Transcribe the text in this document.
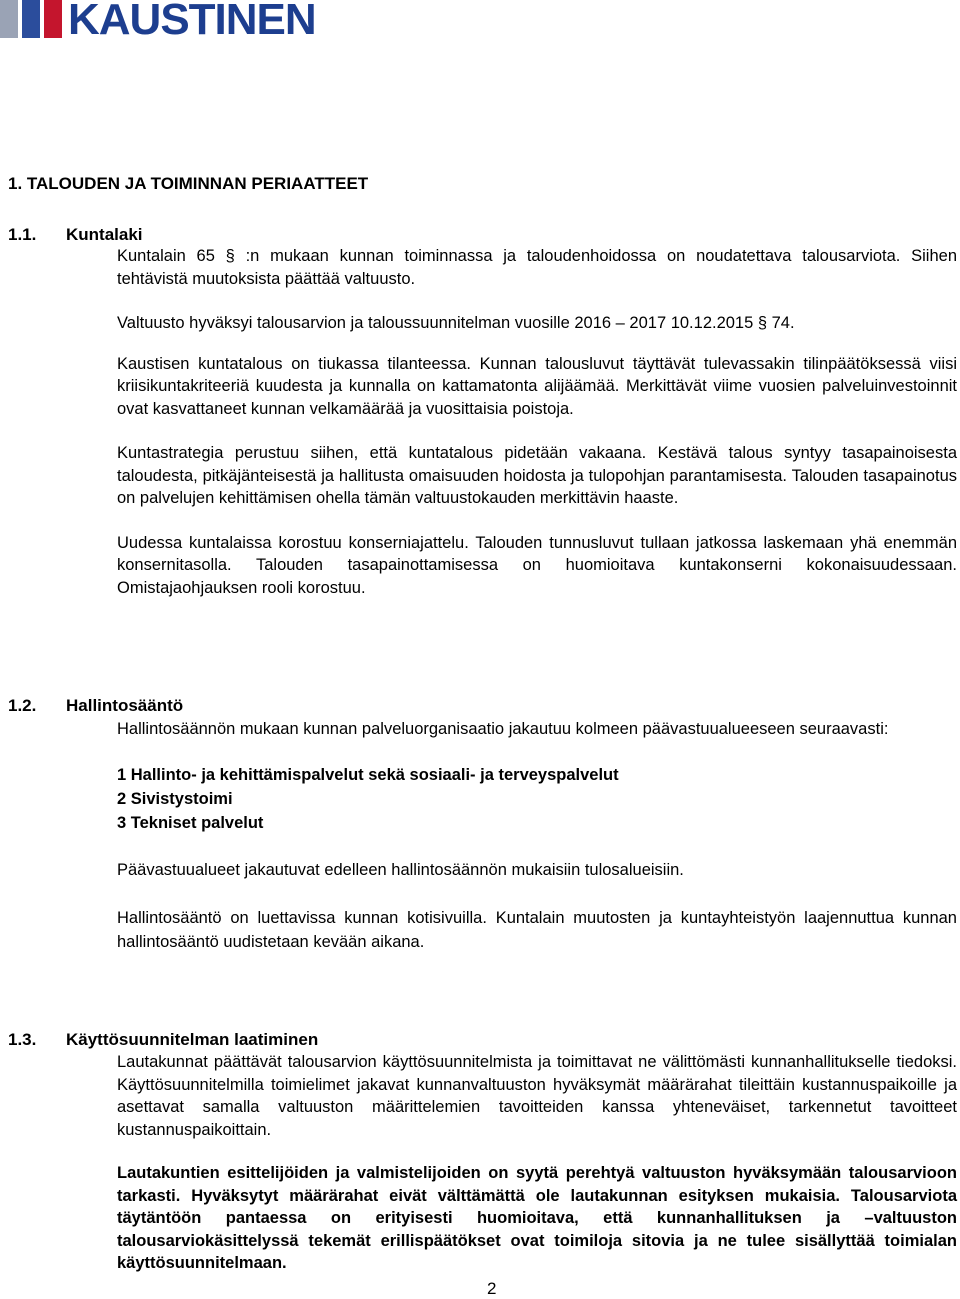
KAUSTINEN
1. TALOUDEN JA TOIMINNAN PERIAATTEET
1.1. Kuntalaki

Kuntalain 65 § :n mukaan kunnan toiminnassa ja taloudenhoidossa on noudatettava talousarviota. Siihen tehtävistä muutoksista päättää valtuusto.

Valtuusto hyväksyi talousarvion ja taloussuunnitelman vuosille 2016 – 2017 10.12.2015 § 74.

Kaustisen kuntatalous on tiukassa tilanteessa. Kunnan talousluvut täyttävät tulevassakin tilinpäätöksessä viisi kriisikuntakriteeriä kuudesta ja kunnalla on kattamatonta alijäämää. Merkittävät viime vuosien palveluinvestoinnit ovat kasvattaneet kunnan velkamäärää ja vuosittaisia poistoja.

Kuntastrategia perustuu siihen, että kuntatalous pidetään vakaana. Kestävä talous syntyy tasapainoisesta taloudesta, pitkäjänteisestä ja hallitusta omaisuuden hoidosta ja tulopohjan parantamisesta. Talouden tasapainotus on palvelujen kehittämisen ohella tämän valtuustokauden merkittävin haaste.

Uudessa kuntalaissa korostuu konserniajattelu. Talouden tunnusluvut tullaan jatkossa laskemaan yhä enemmän konsernitasolla. Talouden tasapainottamisessa on huomioitava kuntakonserni kokonaisuudessaan. Omistajaohjauksen rooli korostuu.

1.2. Hallintosääntö

Hallintosäännön mukaan kunnan palveluorganisaatio jakautuu kolmeen päävastuualueeseen seuraavasti:

1 Hallinto- ja kehittämispalvelut sekä sosiaali- ja terveyspalvelut

2 Sivistystoimi

3 Tekniset palvelut

Päävastuualueet jakautuvat edelleen hallintosäännön mukaisiin tulosalueisiin.

Hallintosääntö on luettavissa kunnan kotisivuilla. Kuntalain muutosten ja kuntayhteistyön laajennuttua kunnan hallintosääntö uudistetaan kevään aikana.

1.3. Käyttösuunnitelman laatiminen

Lautakunnat päättävät talousarvion käyttösuunnitelmista ja toimittavat ne välittömästi kunnanhallitukselle tiedoksi. Käyttösuunnitelmilla toimielimet jakavat kunnanvaltuuston hyväksymät määrärahat tileittäin kustannuspaikoille ja asettavat samalla valtuuston määrittelemien tavoitteiden kanssa yhteneväiset, tarkennetut tavoitteet kustannuspaikoittain.

Lautakuntien esittelijöiden ja valmistelijoiden on syytä perehtyä valtuuston hyväksymään talousarvioon tarkasti. Hyväksytyt määrärahat eivät välttämättä ole lautakunnan esityksen mukaisia. Talousarviota täytäntöön pantaessa on erityisesti huomioitava, että kunnanhallituksen ja –valtuuston talousarviokäsittelyssä tekemät erillispäätökset ovat toimiloja sitovia ja ne tulee sisällyttää toimialan käyttösuunnitelmaan.

2
